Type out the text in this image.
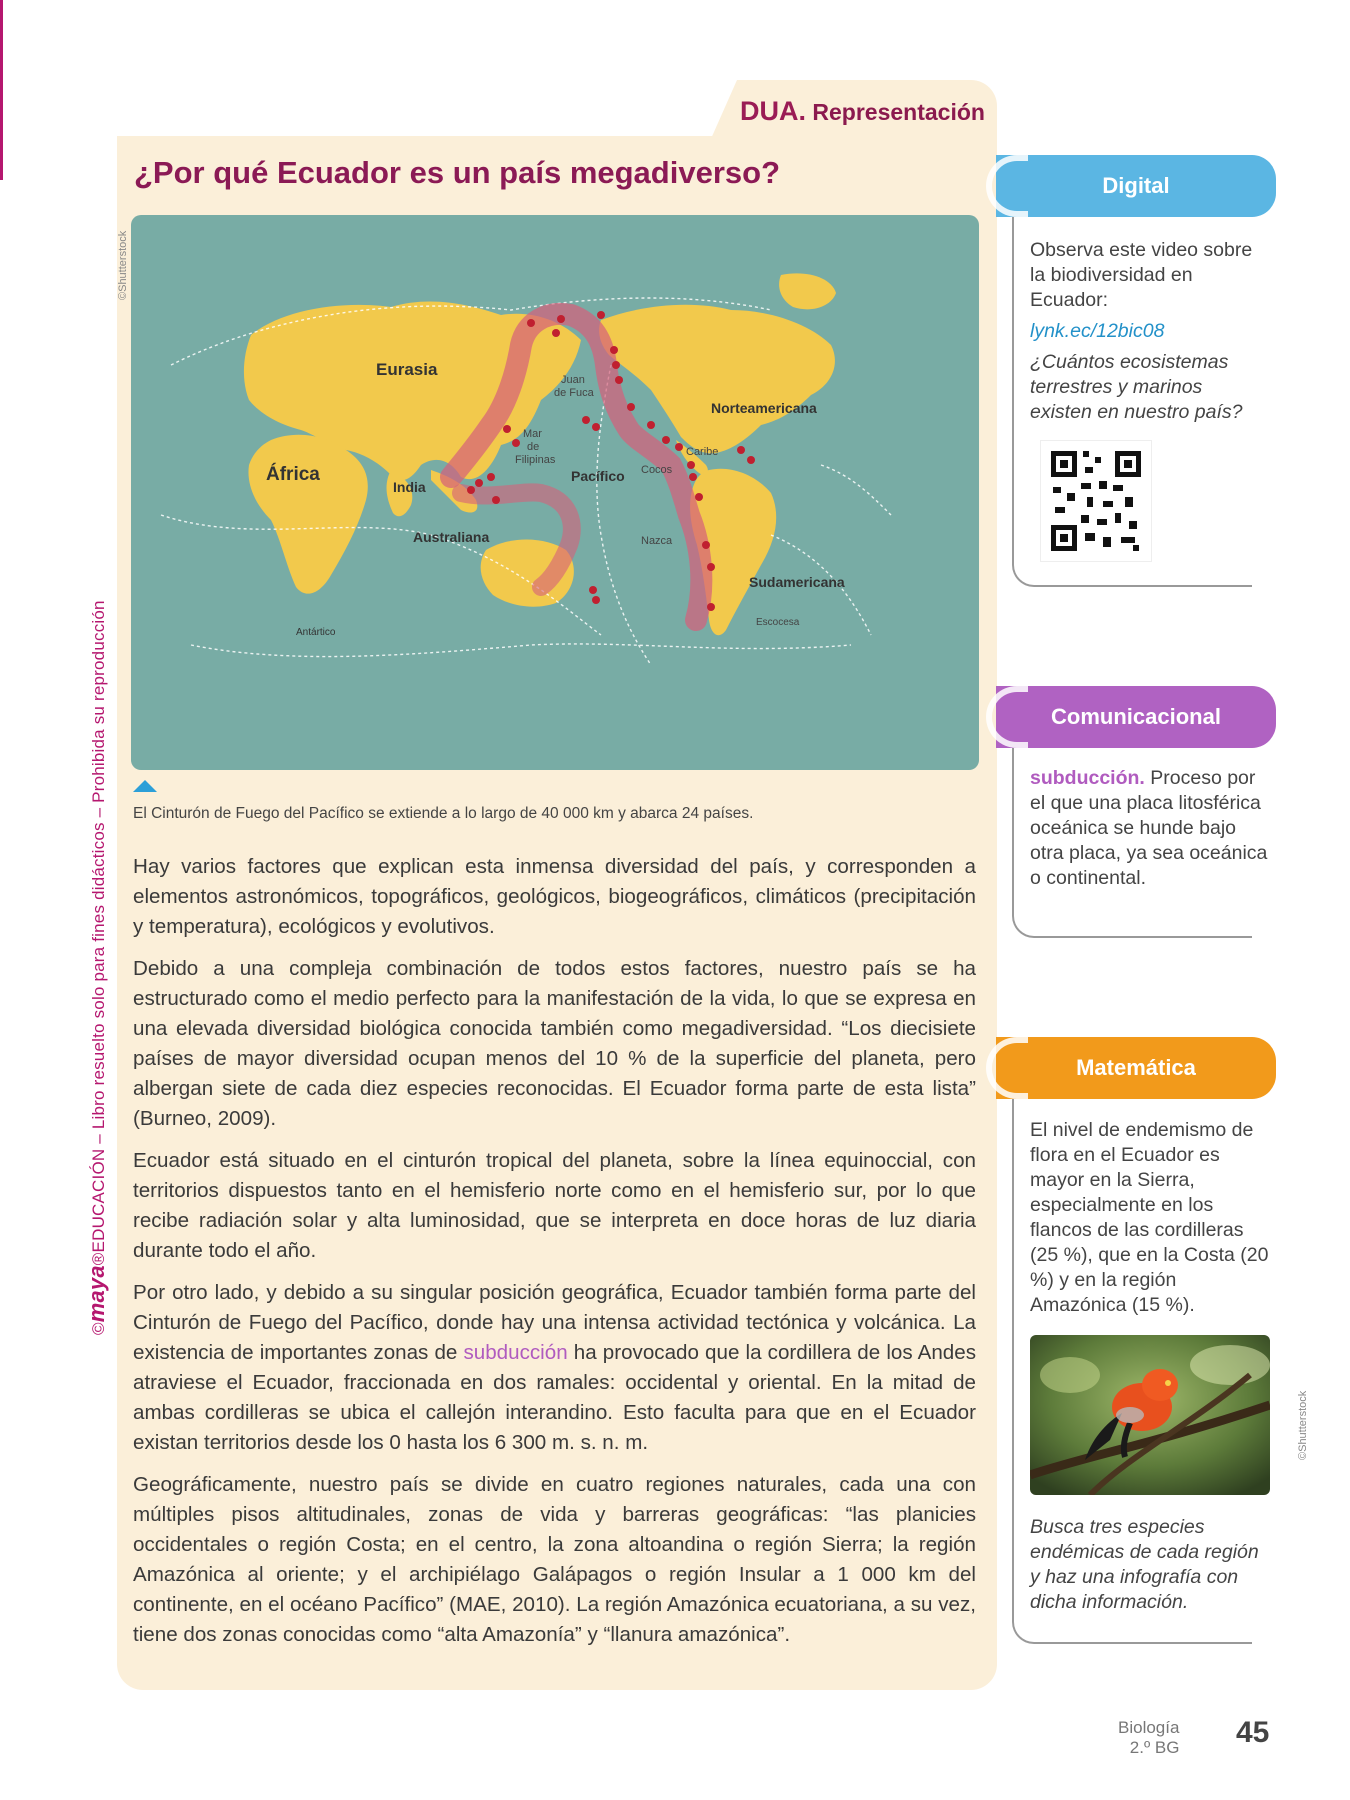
©maya®EDUCACIÓN – Libro resuelto solo para fines didácticos – Prohibida su reproducción
DUA. Representación
¿Por qué Ecuador es un país megadiverso?
©Shutterstock
Eurasia
África
India
Australiana
Antártico
Norteamericana
Sudamericana
Pacífico
Nazca
Cocos
Caribe
Mar
de
Filipinas
Juan
de Fuca
Escocesa
El Cinturón de Fuego del Pacífico se extiende a lo largo de 40 000 km y abarca 24 países.

Hay varios factores que explican esta inmensa diversidad del país, y corresponden a elementos astronómicos, topográficos, geológicos, biogeográficos, climáticos (precipitación y temperatura), ecológicos y evolutivos.

Debido a una compleja combinación de todos estos factores, nuestro país se ha estructurado como el medio perfecto para la manifestación de la vida, lo que se expresa en una elevada diversidad biológica conocida también como megadiversidad. “Los diecisiete países de mayor diversidad ocupan menos del 10 % de la superficie del planeta, pero albergan siete de cada diez especies reconocidas. El Ecuador forma parte de esta lista” (Burneo, 2009).

Ecuador está situado en el cinturón tropical del planeta, sobre la línea equinoccial, con territorios dispuestos tanto en el hemisferio norte como en el hemisferio sur, por lo que recibe radiación solar y alta luminosidad, que se interpreta en doce horas de luz diaria durante todo el año.

Por otro lado, y debido a su singular posición geográfica, Ecuador también forma parte del Cinturón de Fuego del Pacífico, donde hay una intensa actividad tectónica y volcánica. La existencia de importantes zonas de subducción ha provocado que la cordillera de los Andes atraviese el Ecuador, fraccionada en dos ramales: occidental y oriental. En la mitad de ambas cordilleras se ubica el callejón interandino. Esto faculta para que en el Ecuador existan territorios desde los 0 hasta los 6 300 m. s. n. m.

Geográficamente, nuestro país se divide en cuatro regiones naturales, cada una con múltiples pisos altitudinales, zonas de vida y barreras geográficas: “las planicies occidentales o región Costa; en el centro, la zona altoandina o región Sierra; la región Amazónica al oriente; y el archipiélago Galápagos o región Insular a 1 000 km del continente, en el océano Pacífico” (MAE, 2010). La región Amazónica ecuatoriana, a su vez, tiene dos zonas conocidas como “alta Amazonía” y “llanura amazónica”.

Digital
Observa este video sobre la biodiversidad en Ecuador:
lynk.ec/12bic08
¿Cuántos ecosistemas terrestres y marinos existen en nuestro país?
Comunicacional
subducción. Proceso por el que una placa litosférica oceánica se hunde bajo otra placa, ya sea oceánica o continental.
Matemática
El nivel de endemismo de flora en el Ecuador es mayor en la Sierra, especialmente en los flancos de las cordilleras (25 %), que en la Costa (20 %) y en la región Amazónica (15 %).
©Shutterstock
Busca tres especies endémicas de cada región y haz una infografía con dicha información.
Biología
2.º BG 45
